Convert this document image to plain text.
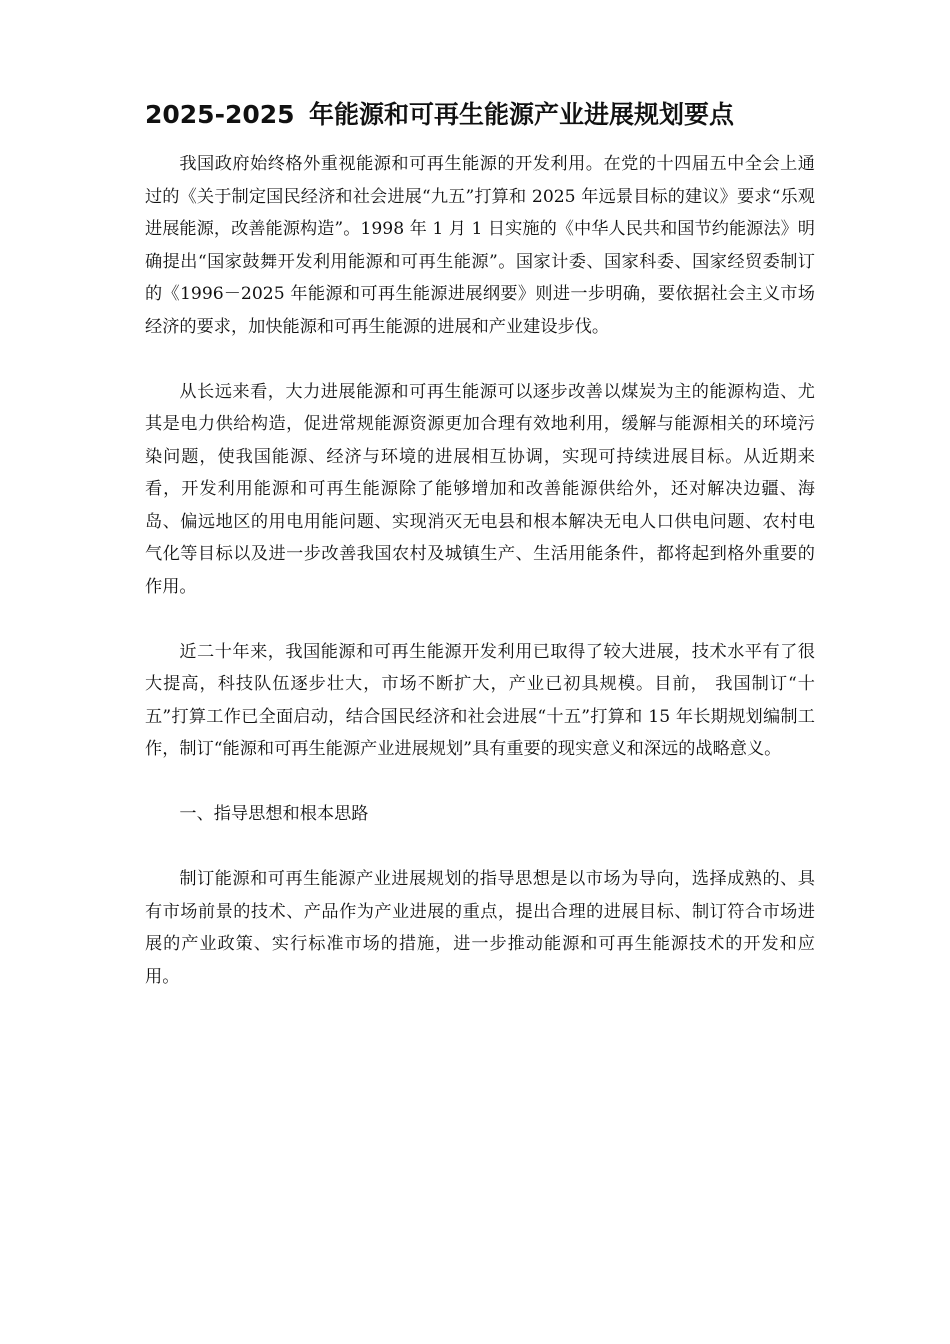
2025-2025 年能源和可再生能源产业进展规划要点

我国政府始终格外重视能源和可再生能源的开发利用。在党的十四届五中全会上通过的《关于制定国民经济和社会进展“九五”打算和 2025 年远景目标的建议》要求“乐观进展能源，改善能源构造”。1998 年 1 月 1 日实施的《中华人民共和国节约能源法》明确提出“国家鼓舞开发利用能源和可再生能源”。国家计委、国家科委、国家经贸委制订的《1996－2025 年能源和可再生能源进展纲要》则进一步明确，要依据社会主义市场经济的要求，加快能源和可再生能源的进展和产业建设步伐。

从长远来看，大力进展能源和可再生能源可以逐步改善以煤炭为主的能源构造、尤其是电力供给构造，促进常规能源资源更加合理有效地利用，缓解与能源相关的环境污染问题，使我国能源、经济与环境的进展相互协调，实现可持续进展目标。从近期来看，开发利用能源和可再生能源除了能够增加和改善能源供给外，还对解决边疆、海岛、偏远地区的用电用能问题、实现消灭无电县和根本解决无电人口供电问题、农村电气化等目标以及进一步改善我国农村及城镇生产、生活用能条件，都将起到格外重要的作用。

近二十年来，我国能源和可再生能源开发利用已取得了较大进展，技术水平有了很大提高，科技队伍逐步壮大，市场不断扩大，产业已初具规模。目前， 我国制订“十五”打算工作已全面启动，结合国民经济和社会进展“十五”打算和 15 年长期规划编制工作，制订“能源和可再生能源产业进展规划”具有重要的现实意义和深远的战略意义。

一、指导思想和根本思路

制订能源和可再生能源产业进展规划的指导思想是以市场为导向，选择成熟的、具有市场前景的技术、产品作为产业进展的重点，提出合理的进展目标、制订符合市场进展的产业政策、实行标准市场的措施，进一步推动能源和可再生能源技术的开发和应用。
